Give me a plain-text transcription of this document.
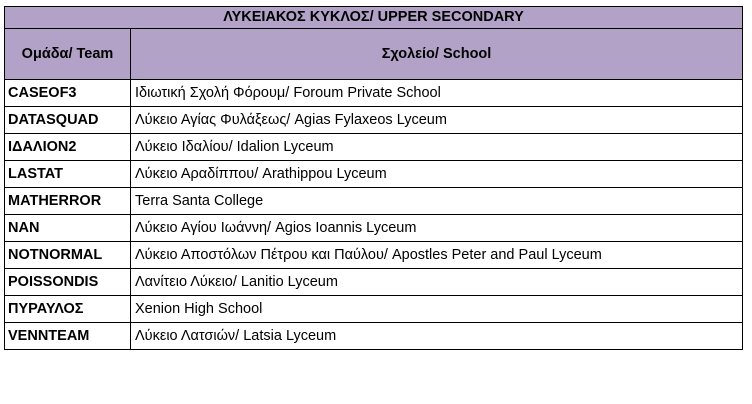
ΛΥΚΕΙΑΚΟΣ ΚΥΚΛΟΣ/ UPPER SECONDARY	
Ομάδα/ Team	Σχολείο/ School
CASEOF3	Ιδιωτική Σχολή Φόρουμ/ Foroum Private School
DATASQUAD	Λύκειο Αγίας Φυλάξεως/ Agias Fylaxeos Lyceum
ΙΔΑΛΙΟΝ2	Λύκειο Ιδαλίου/ Idalion Lyceum
LASTAT	Λύκειο Αραδίππου/ Arathippou Lyceum
MATHERROR	Terra Santa College
NAN	Λύκειο Αγίου Ιωάννη/ Agios Ioannis Lyceum
NOTNORMAL	Λύκειο Αποστόλων Πέτρου και Παύλου/ Apostles Peter and Paul Lyceum
POISSONDIS	Λανίτειο Λύκειο/ Lanitio Lyceum
ΠΥΡΑΥΛΟΣ	Xenion High School
VENNTEAM	Λύκειο Λατσιών/ Latsia Lyceum
